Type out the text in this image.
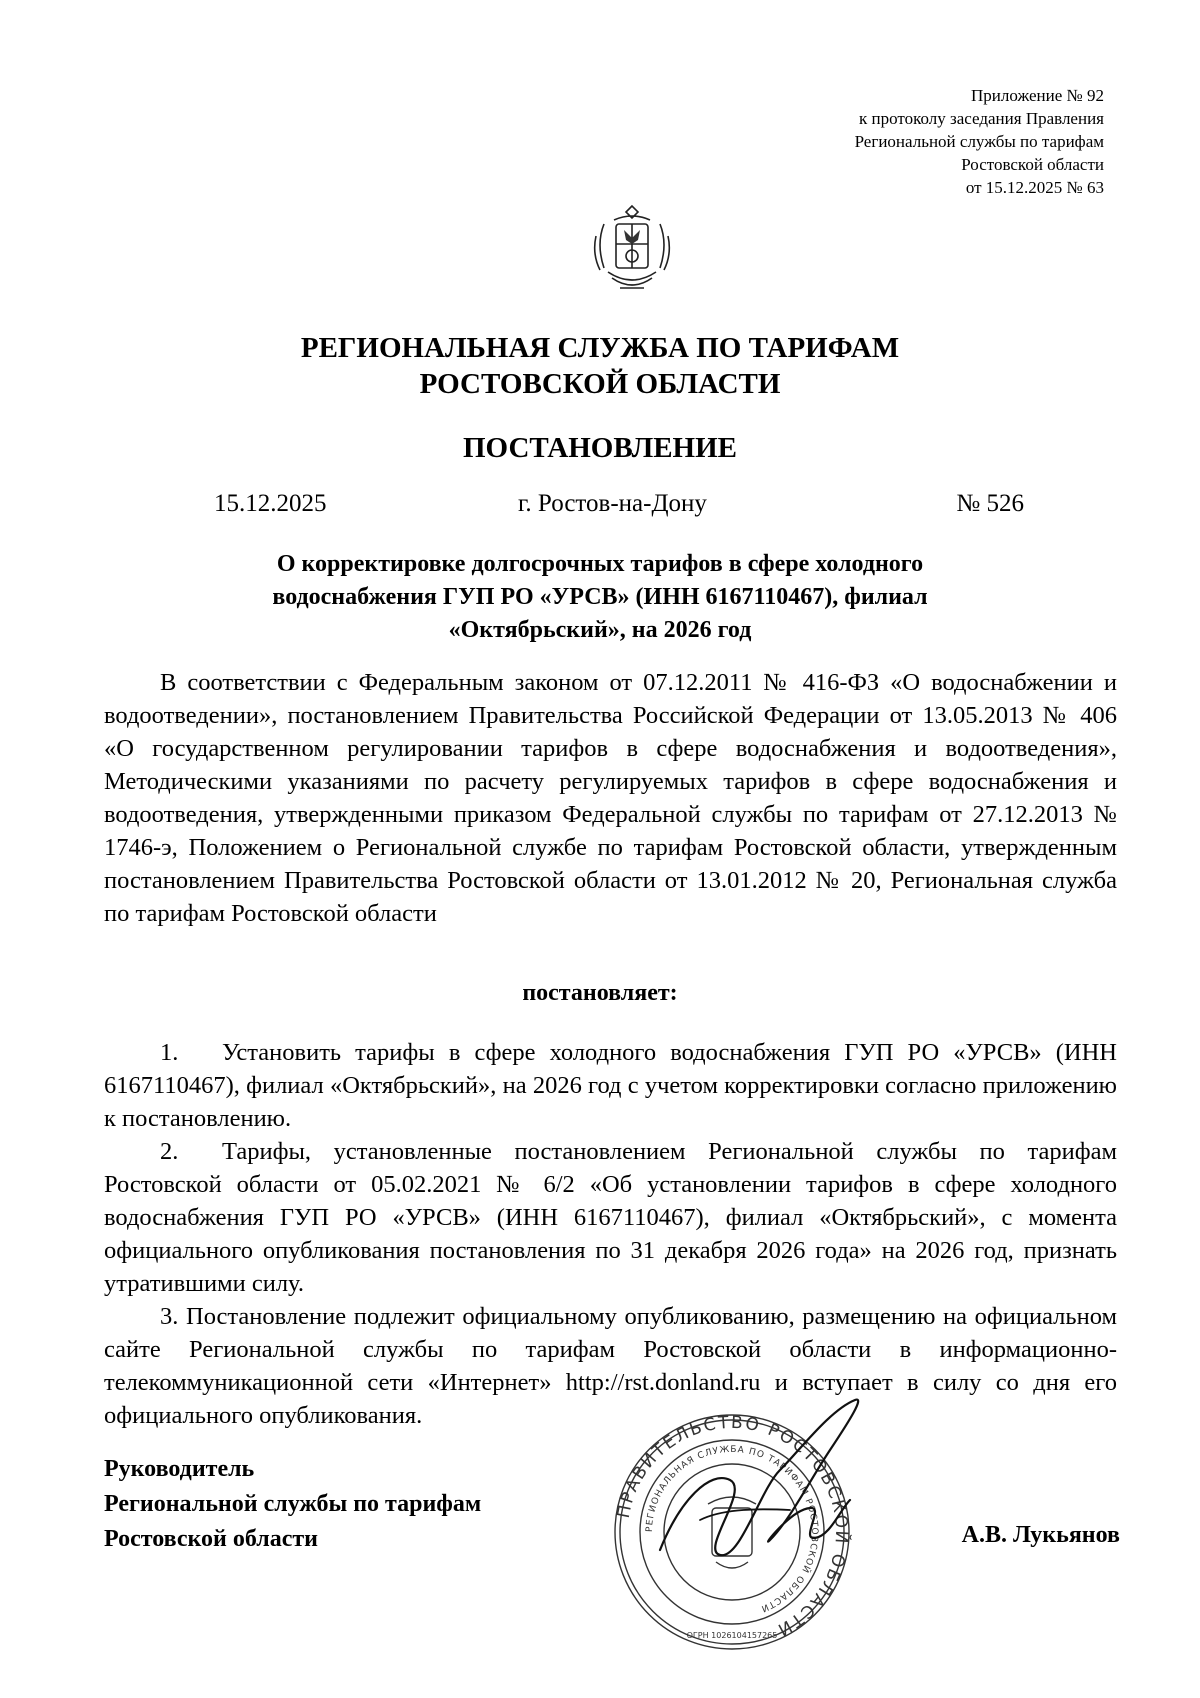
Приложение № 92
к протоколу заседания Правления
Региональной службы по тарифам
Ростовской области
от 15.12.2025 № 63
РЕГИОНАЛЬНАЯ СЛУЖБА ПО ТАРИФАМ
РОСТОВСКОЙ ОБЛАСТИ
ПОСТАНОВЛЕНИЕ
15.12.2025	г. Ростов-на-Дону	№ 526
О корректировке долгосрочных тарифов в сфере холодного
водоснабжения ГУП РО «УРСВ» (ИНН 6167110467), филиал
«Октябрьский», на 2026 год

В соответствии с Федеральным законом от 07.12.2011 № 416-ФЗ «О водоснабжении и водоотведении», постановлением Правительства Российской Федерации от 13.05.2013 № 406 «О государственном регулировании тарифов в сфере водоснабжения и водоотведения», Методическими указаниями по расчету регулируемых тарифов в сфере водоснабжения и водоотведения, утвержденными приказом Федеральной службы по тарифам от 27.12.2013 № 1746-э, Положением о Региональной службе по тарифам Ростовской области, утвержденным постановлением Правительства Ростовской области от 13.01.2012 № 20, Региональная служба по тарифам Ростовской области

постановляет:

1. Установить тарифы в сфере холодного водоснабжения ГУП РО «УРСВ» (ИНН 6167110467), филиал «Октябрьский», на 2026 год с учетом корректировки согласно приложению к постановлению.

2. Тарифы, установленные постановлением Региональной службы по тарифам Ростовской области от 05.02.2021 № 6/2 «Об установлении тарифов в сфере холодного водоснабжения ГУП РО «УРСВ» (ИНН 6167110467), филиал «Октябрьский», с момента официального опубликования постановления по 31 декабря 2026 года» на 2026 год, признать утратившими силу.

3. Постановление подлежит официальному опубликованию, размещению на официальном сайте Региональной службы по тарифам Ростовской области в информационно-телекоммуникационной сети «Интернет» http://rst.donland.ru и вступает в силу со дня его официального опубликования.

Руководитель
Региональной службы по тарифам
Ростовской области
ПРАВИТЕЛЬСТВО РОСТОВСКОЙ ОБЛАСТИ
РЕГИОНАЛЬНАЯ СЛУЖБА ПО ТАРИФАМ РОСТОВСКОЙ ОБЛАСТИ
ОГРН 1026104157265
А.В. Лукьянов
